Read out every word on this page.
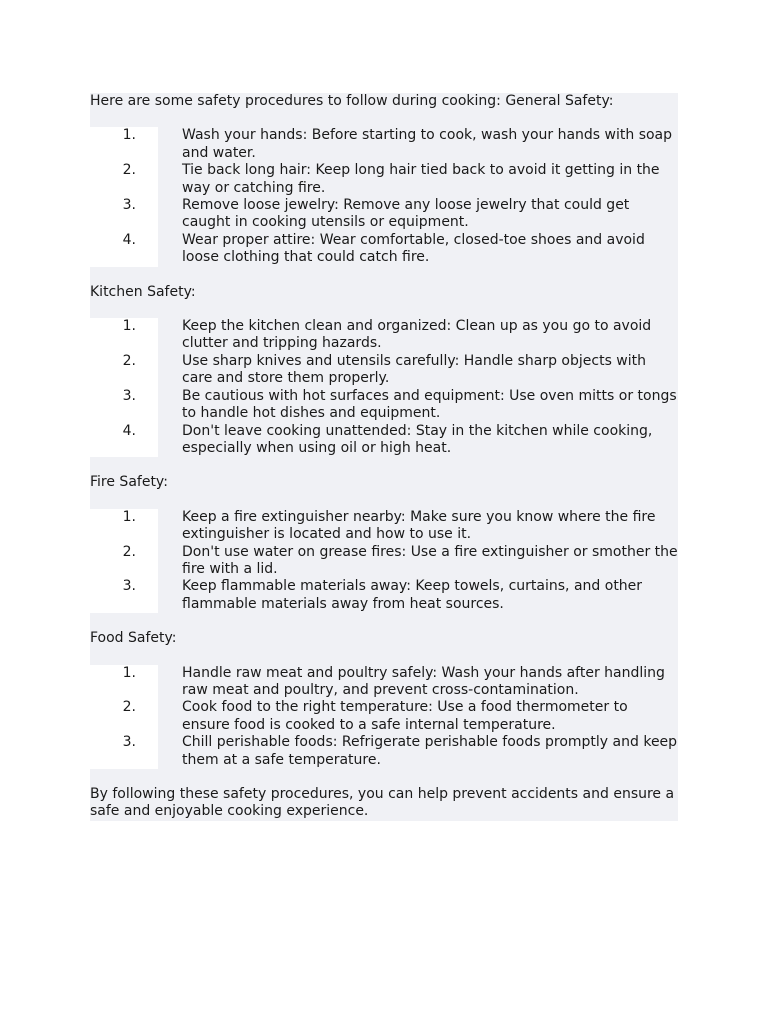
Here are some safety procedures to follow during cooking: General Safety:

1.	Wash your hands: Before starting to cook, wash your hands with soap and water.
2.	Tie back long hair: Keep long hair tied back to avoid it getting in the way or catching fire.
3.	Remove loose jewelry: Remove any loose jewelry that could get caught in cooking utensils or equipment.
4.	Wear proper attire: Wear comfortable, closed-toe shoes and avoid loose clothing that could catch fire.

Kitchen Safety:

1.	Keep the kitchen clean and organized: Clean up as you go to avoid clutter and tripping hazards.
2.	Use sharp knives and utensils carefully: Handle sharp objects with care and store them properly.
3.	Be cautious with hot surfaces and equipment: Use oven mitts or tongs to handle hot dishes and equipment.
4.	Don't leave cooking unattended: Stay in the kitchen while cooking, especially when using oil or high heat.

Fire Safety:

1.	Keep a fire extinguisher nearby: Make sure you know where the fire extinguisher is located and how to use it.
2.	Don't use water on grease fires: Use a fire extinguisher or smother the fire with a lid.
3.	Keep flammable materials away: Keep towels, curtains, and other flammable materials away from heat sources.

Food Safety:

1.	Handle raw meat and poultry safely: Wash your hands after handling raw meat and poultry, and prevent cross-contamination.
2.	Cook food to the right temperature: Use a food thermometer to ensure food is cooked to a safe internal temperature.
3.	Chill perishable foods: Refrigerate perishable foods promptly and keep them at a safe temperature.

By following these safety procedures, you can help prevent accidents and ensure a safe and enjoyable cooking experience.
